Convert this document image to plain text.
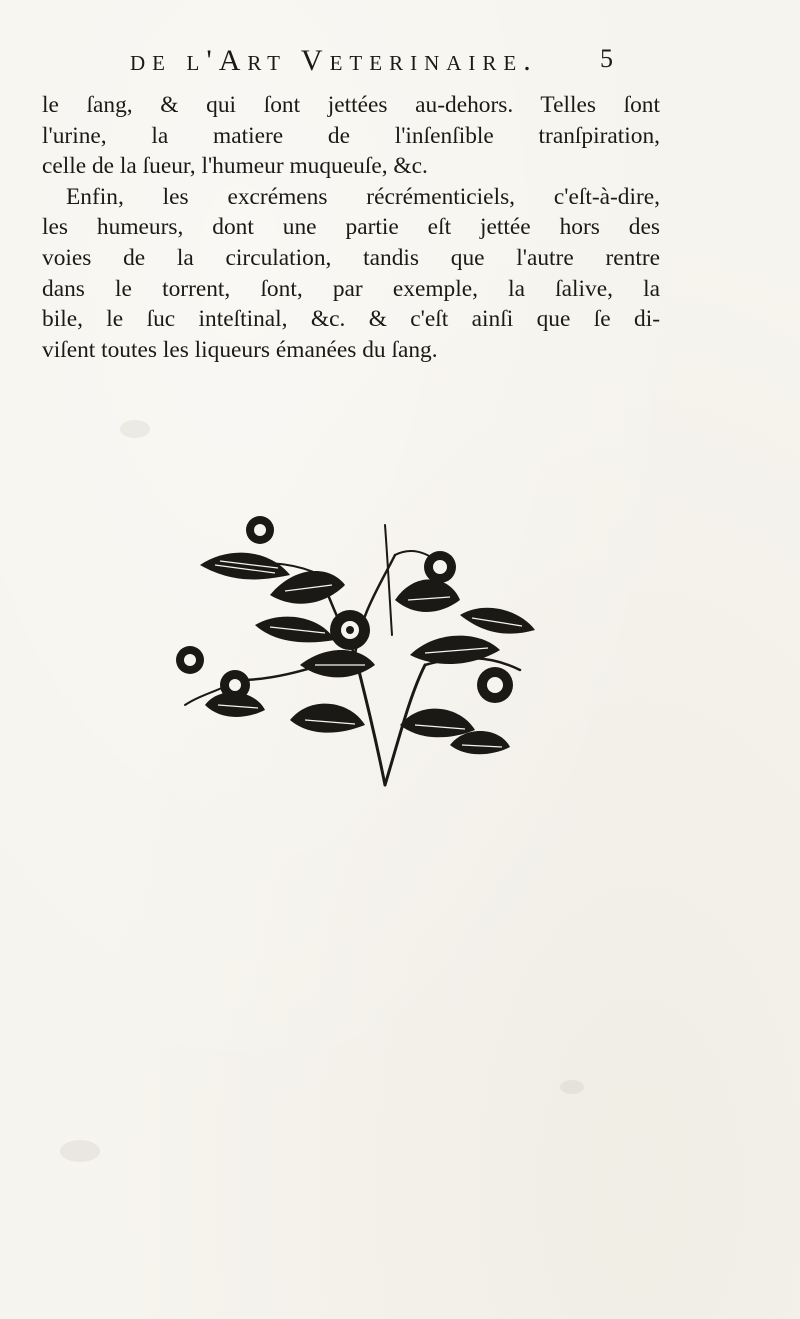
de l'Art Veterinaire. 5
le ſang, & qui ſont jettées au-dehors. Telles ſont
l'urine, la matiere de l'inſenſible tranſpiration,
celle de la ſueur, l'humeur muqueuſe, &c.
Enfin, les excrémens récrémenticiels, c'eſt-à-dire,
les humeurs, dont une partie eſt jettée hors des
voies de la circulation, tandis que l'autre rentre
dans le torrent, ſont, par exemple, la ſalive, la
bile, le ſuc inteſtinal, &c. & c'eſt ainſi que ſe di-
viſent toutes les liqueurs émanées du ſang.
